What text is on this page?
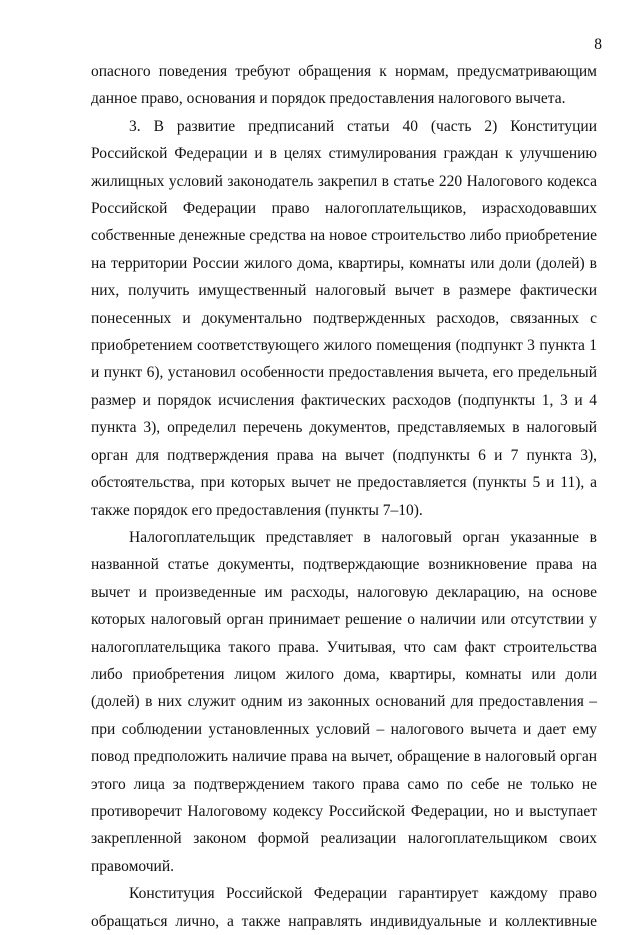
8

опасного поведения требуют обращения к нормам, предусматривающим данное право, основания и порядок предоставления налогового вычета.

3. В развитие предписаний статьи 40 (часть 2) Конституции Российской Федерации и в целях стимулирования граждан к улучшению жилищных условий законодатель закрепил в статье 220 Налогового кодекса Российской Федерации право налогоплательщиков, израсходовавших собственные денежные средства на новое строительство либо приобретение на территории России жилого дома, квартиры, комнаты или доли (долей) в них, получить имущественный налоговый вычет в размере фактически понесенных и документально подтвержденных расходов, связанных с приобретением соответствующего жилого помещения (подпункт 3 пункта 1 и пункт 6), установил особенности предоставления вычета, его предельный размер и порядок исчисления фактических расходов (подпункты 1, 3 и 4 пункта 3), определил перечень документов, представляемых в налоговый орган для подтверждения права на вычет (подпункты 6 и 7 пункта 3), обстоятельства, при которых вычет не предоставляется (пункты 5 и 11), а также порядок его предоставления (пункты 7–10).

Налогоплательщик представляет в налоговый орган указанные в названной статье документы, подтверждающие возникновение права на вычет и произведенные им расходы, налоговую декларацию, на основе которых налоговый орган принимает решение о наличии или отсутствии у налогоплательщика такого права. Учитывая, что сам факт строительства либо приобретения лицом жилого дома, квартиры, комнаты или доли (долей) в них служит одним из законных оснований для предоставления – при соблюдении установленных условий – налогового вычета и дает ему повод предположить наличие права на вычет, обращение в налоговый орган этого лица за подтверждением такого права само по себе не только не противоречит Налоговому кодексу Российской Федерации, но и выступает закрепленной законом формой реализации налогоплательщиком своих правомочий.

Конституция Российской Федерации гарантирует каждому право обращаться лично, а также направлять индивидуальные и коллективные
